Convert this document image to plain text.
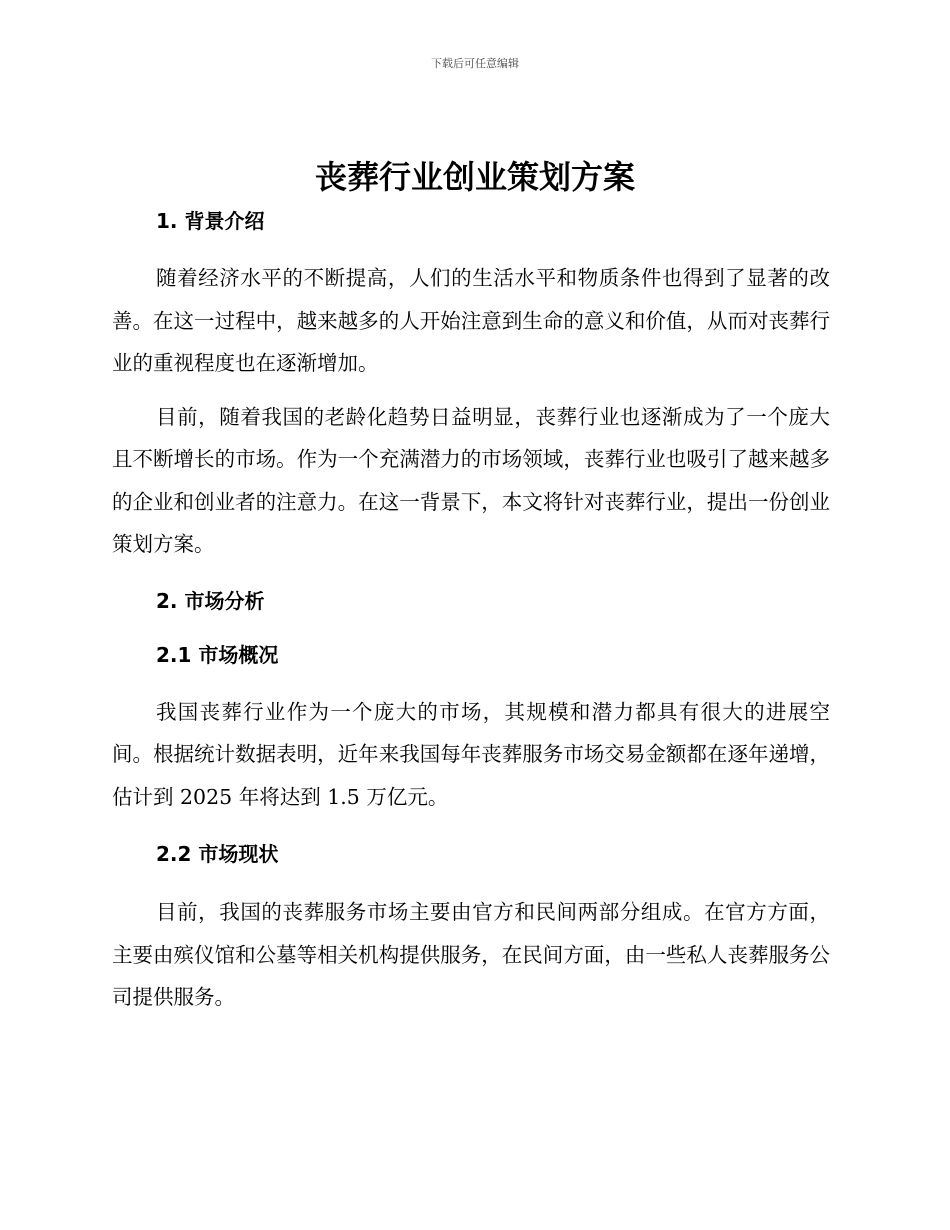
下载后可任意编辑
丧葬行业创业策划方案
1. 背景介绍

随着经济水平的不断提高，人们的生活水平和物质条件也得到了显著的改善。在这一过程中，越来越多的人开始注意到生命的意义和价值，从而对丧葬行业的重视程度也在逐渐增加。

目前，随着我国的老龄化趋势日益明显，丧葬行业也逐渐成为了一个庞大且不断增长的市场。作为一个充满潜力的市场领域，丧葬行业也吸引了越来越多的企业和创业者的注意力。在这一背景下，本文将针对丧葬行业，提出一份创业策划方案。

2. 市场分析
2.1 市场概况

我国丧葬行业作为一个庞大的市场，其规模和潜力都具有很大的进展空间。根据统计数据表明，近年来我国每年丧葬服务市场交易金额都在逐年递增，估计到 2025 年将达到 1.5 万亿元。

2.2 市场现状

目前，我国的丧葬服务市场主要由官方和民间两部分组成。在官方方面，主要由殡仪馆和公墓等相关机构提供服务，在民间方面，由一些私人丧葬服务公司提供服务。
